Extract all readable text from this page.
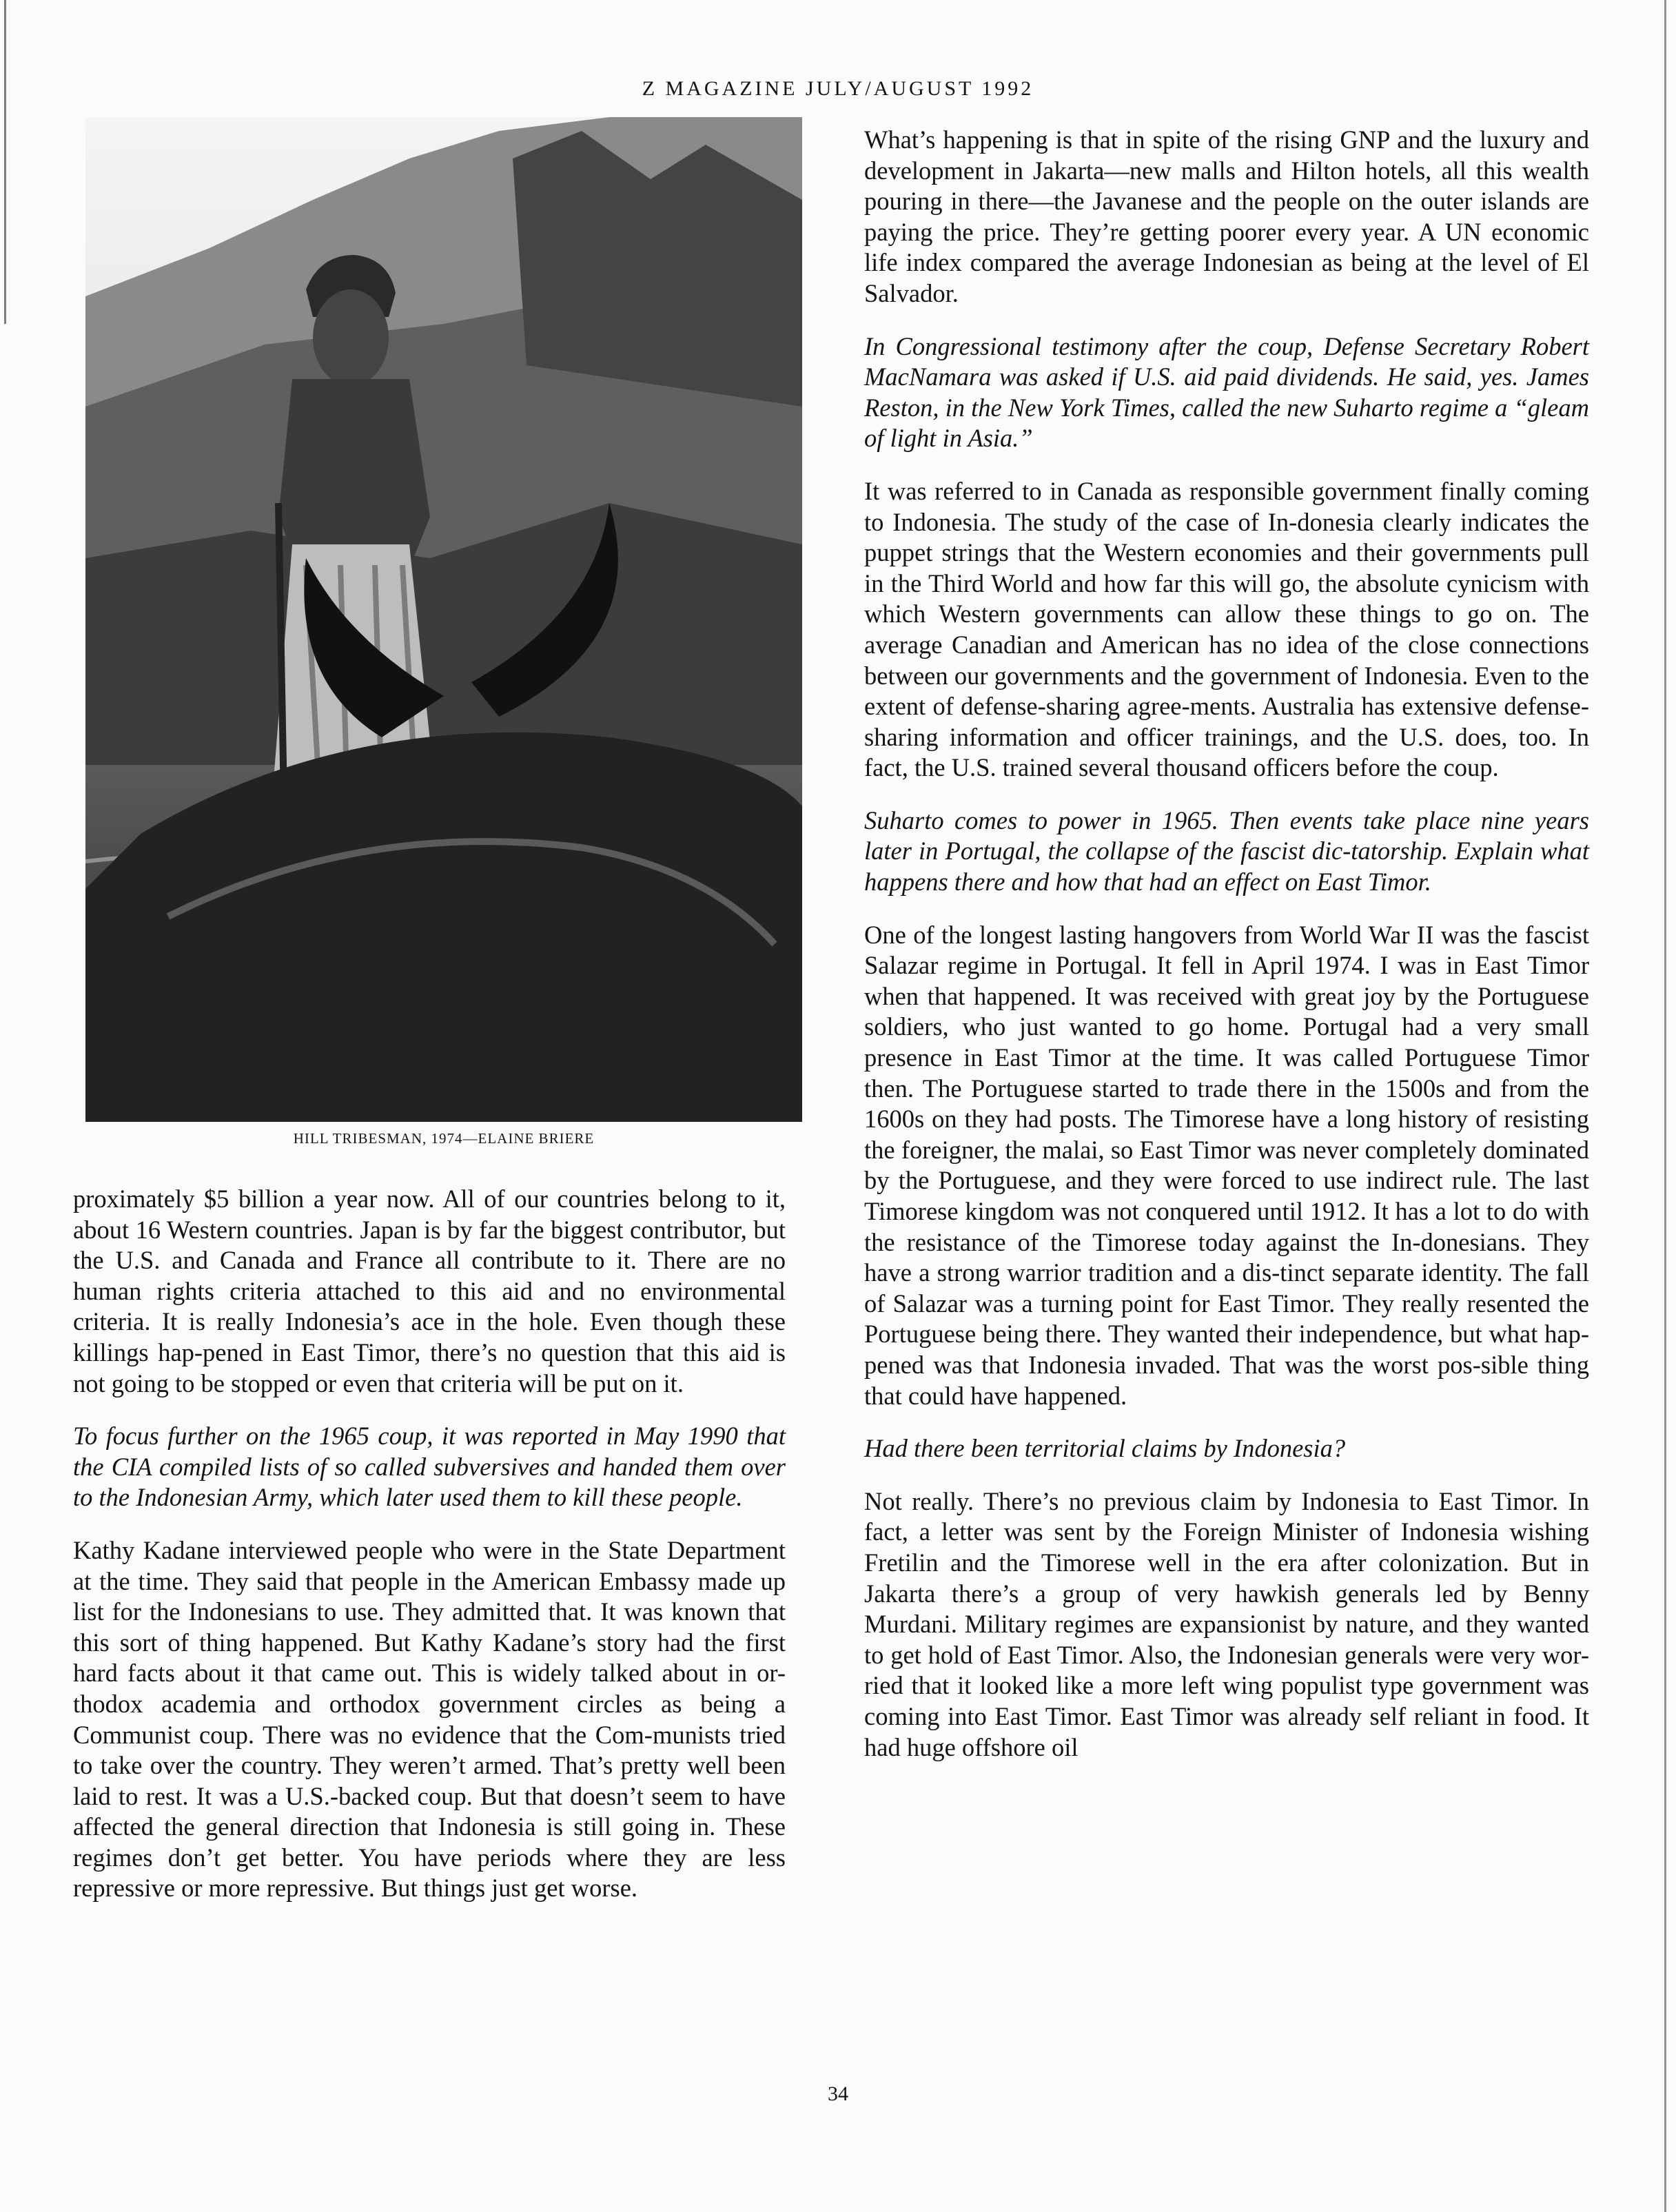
Z MAGAZINE JULY/AUGUST 1992
HILL TRIBESMAN, 1974—ELAINE BRIERE

proximately $5 billion a year now. All of our countries belong to it, about 16 Western countries. Japan is by far the biggest contributor, but the U.S. and Canada and France all contribute to it. There are no human rights criteria attached to this aid and no environmental criteria. It is really Indonesia’s ace in the hole. Even though these killings hap-pened in East Timor, there’s no question that this aid is not going to be stopped or even that criteria will be put on it.

To focus further on the 1965 coup, it was reported in May 1990 that the CIA compiled lists of so called subversives and handed them over to the Indonesian Army, which later used them to kill these people.

Kathy Kadane interviewed people who were in the State Department at the time. They said that people in the American Embassy made up list for the Indonesians to use. They admitted that. It was known that this sort of thing happened. But Kathy Kadane’s story had the first hard facts about it that came out. This is widely talked about in or-thodox academia and orthodox government circles as being a Communist coup. There was no evidence that the Com-munists tried to take over the country. They weren’t armed. That’s pretty well been laid to rest. It was a U.S.-backed coup. But that doesn’t seem to have affected the general direction that Indonesia is still going in. These regimes don’t get better. You have periods where they are less repressive or more repressive. But things just get worse.

What’s happening is that in spite of the rising GNP and the luxury and development in Jakarta—new malls and Hilton hotels, all this wealth pouring in there—the Javanese and the people on the outer islands are paying the price. They’re getting poorer every year. A UN economic life index compared the average Indonesian as being at the level of El Salvador.

In Congressional testimony after the coup, Defense Secretary Robert MacNamara was asked if U.S. aid paid dividends. He said, yes. James Reston, in the New York Times, called the new Suharto regime a “gleam of light in Asia.”

It was referred to in Canada as responsible government finally coming to Indonesia. The study of the case of In-donesia clearly indicates the puppet strings that the Western economies and their governments pull in the Third World and how far this will go, the absolute cynicism with which Western governments can allow these things to go on. The average Canadian and American has no idea of the close connections between our governments and the government of Indonesia. Even to the extent of defense-sharing agree-ments. Australia has extensive defense-sharing information and officer trainings, and the U.S. does, too. In fact, the U.S. trained several thousand officers before the coup.

Suharto comes to power in 1965. Then events take place nine years later in Portugal, the collapse of the fascist dic-tatorship. Explain what happens there and how that had an effect on East Timor.

One of the longest lasting hangovers from World War II was the fascist Salazar regime in Portugal. It fell in April 1974. I was in East Timor when that happened. It was received with great joy by the Portuguese soldiers, who just wanted to go home. Portugal had a very small presence in East Timor at the time. It was called Portuguese Timor then. The Portuguese started to trade there in the 1500s and from the 1600s on they had posts. The Timorese have a long history of resisting the foreigner, the malai, so East Timor was never completely dominated by the Portuguese, and they were forced to use indirect rule. The last Timorese kingdom was not conquered until 1912. It has a lot to do with the resistance of the Timorese today against the In-donesians. They have a strong warrior tradition and a dis-tinct separate identity. The fall of Salazar was a turning point for East Timor. They really resented the Portuguese being there. They wanted their independence, but what hap-pened was that Indonesia invaded. That was the worst pos-sible thing that could have happened.

Had there been territorial claims by Indonesia?

Not really. There’s no previous claim by Indonesia to East Timor. In fact, a letter was sent by the Foreign Minister of Indonesia wishing Fretilin and the Timorese well in the era after colonization. But in Jakarta there’s a group of very hawkish generals led by Benny Murdani. Military regimes are expansionist by nature, and they wanted to get hold of East Timor. Also, the Indonesian generals were very wor-ried that it looked like a more left wing populist type government was coming into East Timor. East Timor was already self reliant in food. It had huge offshore oil

34
